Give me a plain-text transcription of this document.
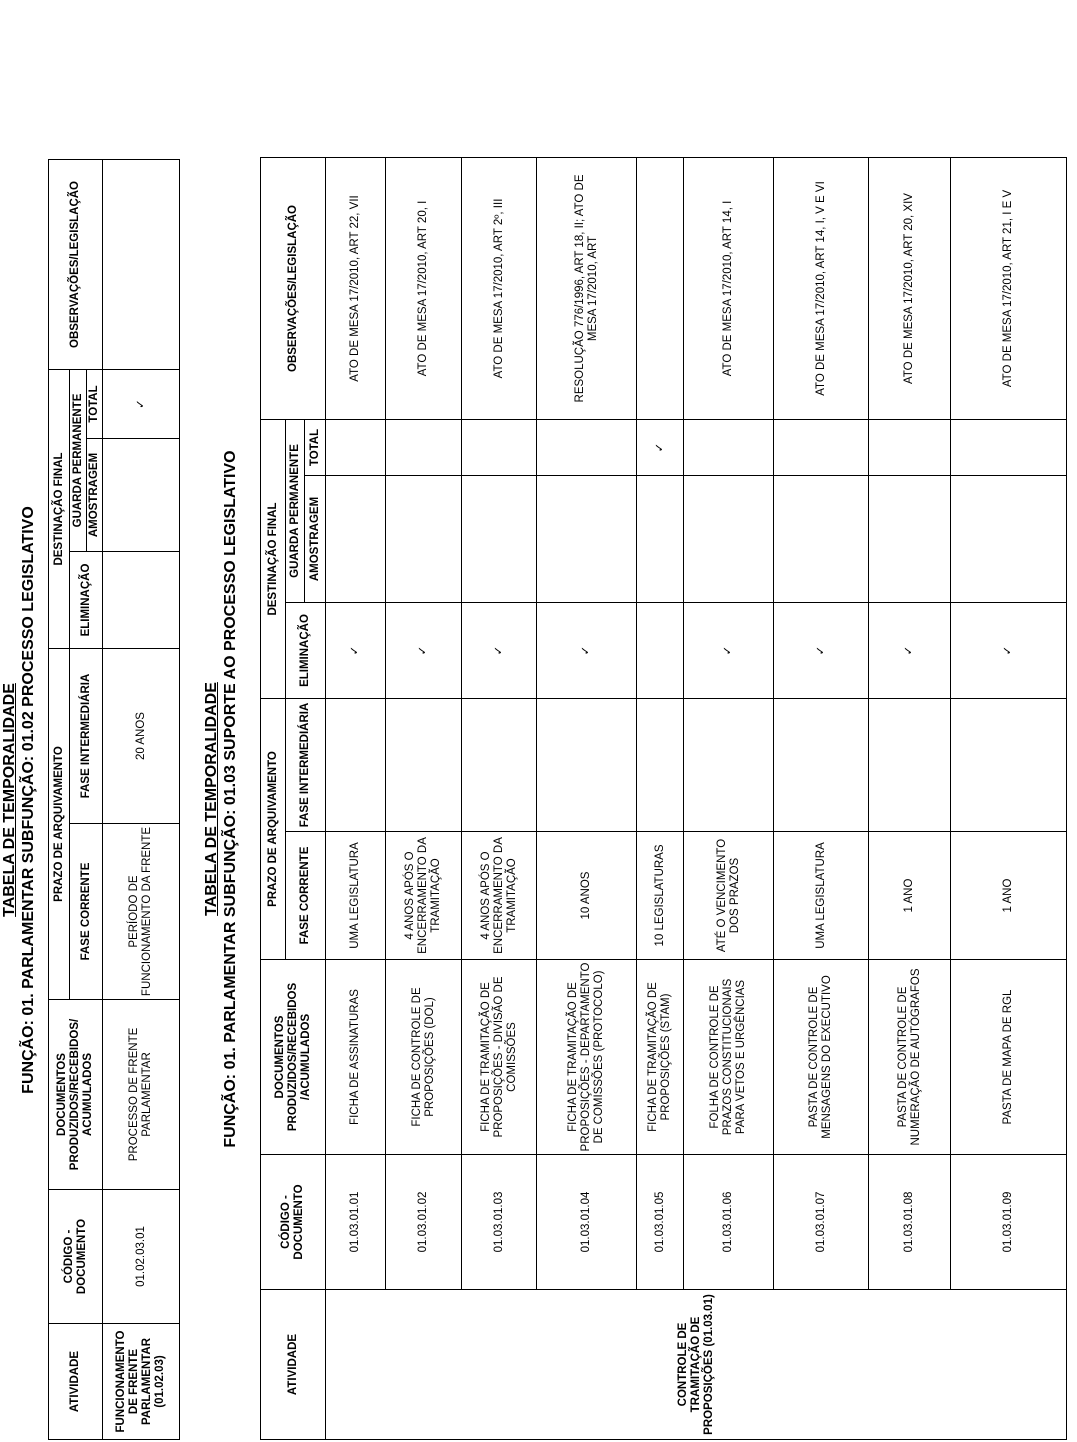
TABELA DE TEMPORALIDADE FUNÇÃO: 01. PARLAMENTAR SUBFUNÇÃO: 01.02 PROCESSO LEGISLATIVO
ATIVIDADE	CÓDIGO - DOCUMENTO	DOCUMENTOS PRODUZIDOS/RECEBIDOS/ ACUMULADOS	PRAZO DE ARQUIVAMENTO		DESTINAÇÃO FINAL			OBSERVAÇÕES/LEGISLAÇÃO
			FASE CORRENTE	FASE INTERMEDIÁRIA	ELIMINAÇÃO	GUARDA PERMANENTE		
						AMOSTRAGEM	TOTAL	
FUNCIONAMENTO DE FRENTE PARLAMENTAR (01.02.03)	01.02.03.01	PROCESSO DE FRENTE PARLAMENTAR	PERÍODO DE FUNCIONAMENTO DA FRENTE	20 ANOS			✓	
TABELA DE TEMPORALIDADE FUNÇÃO: 01. PARLAMENTAR SUBFUNÇÃO: 01.03 SUPORTE AO PROCESSO LEGISLATIVO
ATIVIDADE	CÓDIGO - DOCUMENTO	DOCUMENTOS PRODUZIDOS/RECEBIDOS /ACUMULADOS	PRAZO DE ARQUIVAMENTO		DESTINAÇÃO FINAL			OBSERVAÇÕES/LEGISLAÇÃO
			FASE CORRENTE	FASE INTERMEDIÁRIA	ELIMINAÇÃO	GUARDA PERMANENTE		
						AMOSTRAGEM	TOTAL	
CONTROLE DE TRAMITAÇÃO DE PROPOSIÇÕES (01.03.01)	01.03.01.01	FICHA DE ASSINATURAS	UMA LEGISLATURA		✓			ATO DE MESA 17/2010, ART 22, VII
	01.03.01.02	FICHA DE CONTROLE DE PROPOSIÇÕES (DOL)	4 ANOS APÓS O ENCERRAMENTO DA TRAMITAÇÃO		✓			ATO DE MESA 17/2010, ART 20, I
	01.03.01.03	FICHA DE TRAMITAÇÃO DE PROPOSIÇÕES - DIVISÃO DE COMISSÕES	4 ANOS APÓS O ENCERRAMENTO DA TRAMITAÇÃO		✓			ATO DE MESA 17/2010, ART 2º, III
	01.03.01.04	FICHA DE TRAMITAÇÃO DE PROPOSIÇÕES - DEPARTAMENTO DE COMISSÕES (PROTOCOLO)	10 ANOS		✓			RESOLUÇÃO 776/1996, ART 18, II; ATO DE MESA 17/2010, ART
	01.03.01.05	FICHA DE TRAMITAÇÃO DE PROPOSIÇÕES (STAM)	10 LEGISLATURAS				✓	
	01.03.01.06	FOLHA DE CONTROLE DE PRAZOS CONSTITUCIONAIS PARA VETOS E URGÊNCIAS	ATÉ O VENCIMENTO DOS PRAZOS		✓			ATO DE MESA 17/2010, ART 14, I
	01.03.01.07	PASTA DE CONTROLE DE MENSAGENS DO EXECUTIVO	UMA LEGISLATURA		✓			ATO DE MESA 17/2010, ART 14, I, V E VI
	01.03.01.08	PASTA DE CONTROLE DE NUMERAÇÃO DE AUTÓGRAFOS	1 ANO		✓			ATO DE MESA 17/2010, ART 20, XIV
	01.03.01.09	PASTA DE MAPA DE RGL	1 ANO		✓			ATO DE MESA 17/2010, ART 21, I E V
